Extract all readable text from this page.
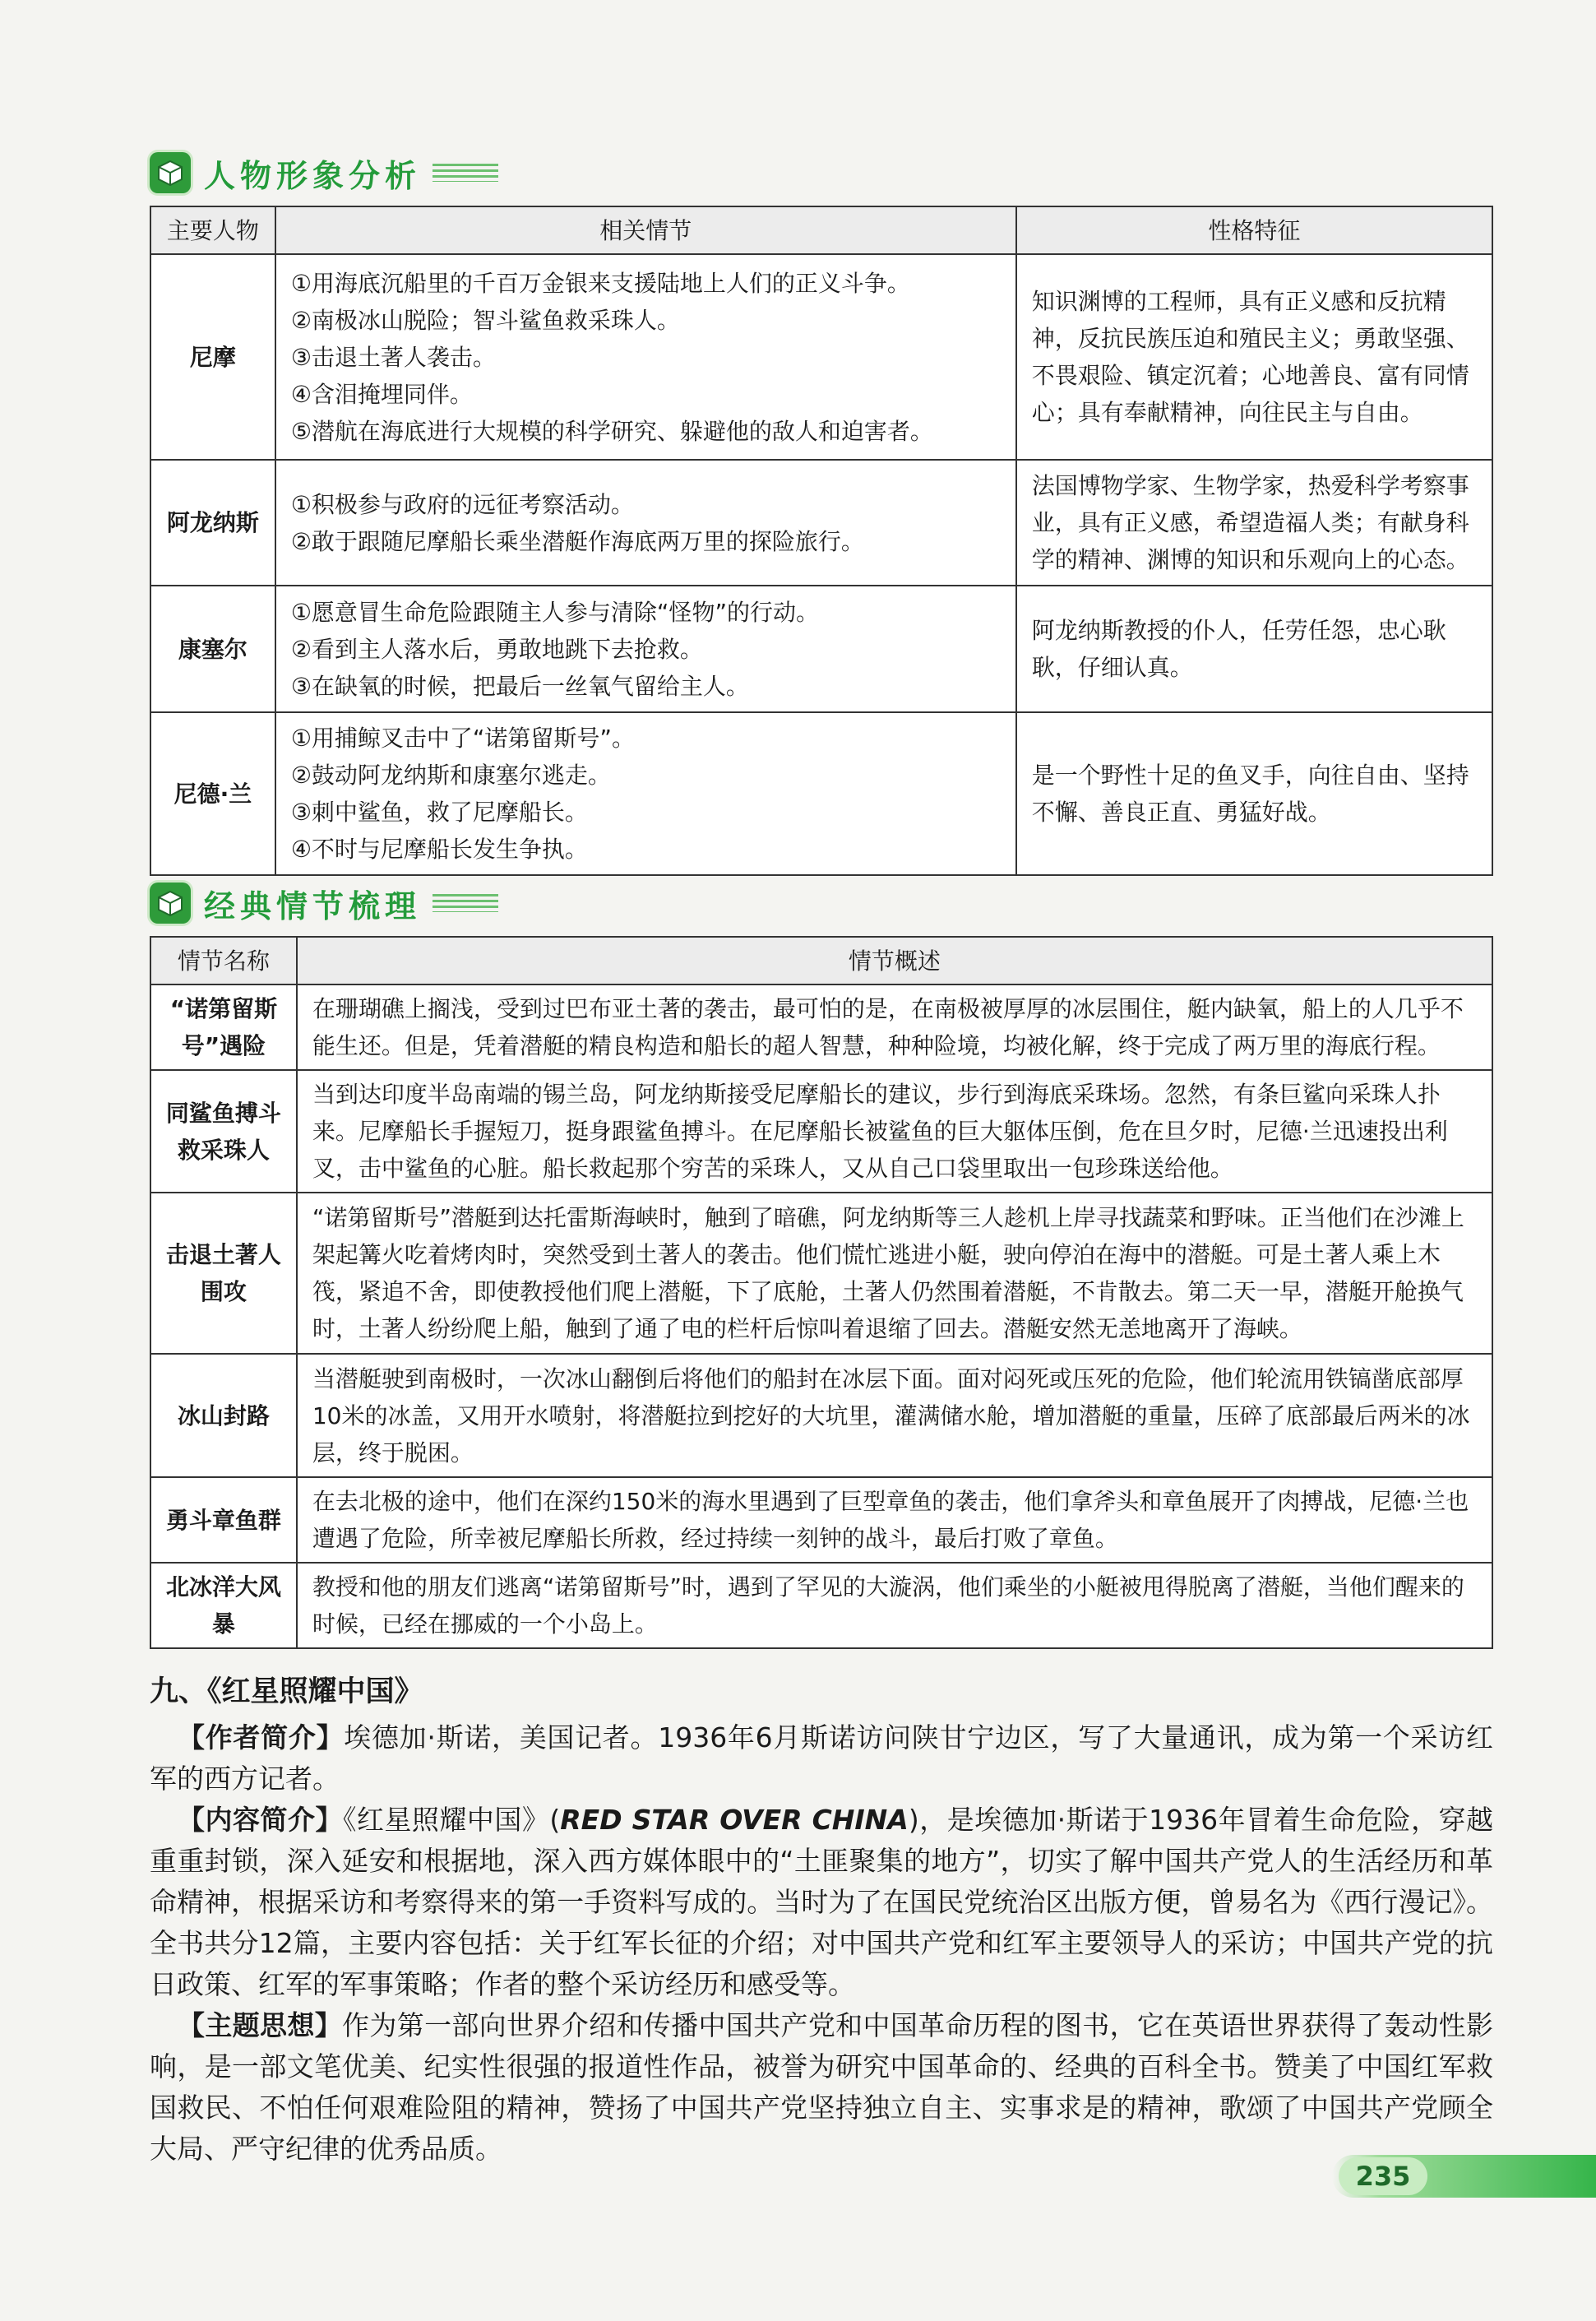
人物形象分析
主要人物	相关情节	性格特征
尼摩	①用海底沉船里的千百万金银来支援陆地上人们的正义斗争。
②南极冰山脱险；智斗鲨鱼救采珠人。
③击退土著人袭击。
④含泪掩埋同伴。
⑤潜航在海底进行大规模的科学研究、躲避他的敌人和迫害者。	知识渊博的工程师，具有正义感和反抗精神，反抗民族压迫和殖民主义；勇敢坚强、不畏艰险、镇定沉着；心地善良、富有同情心；具有奉献精神，向往民主与自由。
阿龙纳斯	①积极参与政府的远征考察活动。
②敢于跟随尼摩船长乘坐潜艇作海底两万里的探险旅行。	法国博物学家、生物学家，热爱科学考察事业，具有正义感，希望造福人类；有献身科学的精神、渊博的知识和乐观向上的心态。
康塞尔	①愿意冒生命危险跟随主人参与清除“怪物”的行动。
②看到主人落水后，勇敢地跳下去抢救。
③在缺氧的时候，把最后一丝氧气留给主人。	阿龙纳斯教授的仆人，任劳任怨，忠心耿耿，仔细认真。
尼德·兰	①用捕鲸叉击中了“诺第留斯号”。
②鼓动阿龙纳斯和康塞尔逃走。
③刺中鲨鱼，救了尼摩船长。
④不时与尼摩船长发生争执。	是一个野性十足的鱼叉手，向往自由、坚持不懈、善良正直、勇猛好战。
经典情节梳理
情节名称	情节概述
“诺第留斯号”遇险	在珊瑚礁上搁浅，受到过巴布亚土著的袭击，最可怕的是，在南极被厚厚的冰层围住，艇内缺氧，船上的人几乎不能生还。但是，凭着潜艇的精良构造和船长的超人智慧，种种险境，均被化解，终于完成了两万里的海底行程。
同鲨鱼搏斗救采珠人	当到达印度半岛南端的锡兰岛，阿龙纳斯接受尼摩船长的建议，步行到海底采珠场。忽然，有条巨鲨向采珠人扑来。尼摩船长手握短刀，挺身跟鲨鱼搏斗。在尼摩船长被鲨鱼的巨大躯体压倒，危在旦夕时，尼德·兰迅速投出利叉，击中鲨鱼的心脏。船长救起那个穷苦的采珠人，又从自己口袋里取出一包珍珠送给他。
击退土著人围攻	“诺第留斯号”潜艇到达托雷斯海峡时，触到了暗礁，阿龙纳斯等三人趁机上岸寻找蔬菜和野味。正当他们在沙滩上架起篝火吃着烤肉时，突然受到土著人的袭击。他们慌忙逃进小艇，驶向停泊在海中的潜艇。可是土著人乘上木筏，紧追不舍，即使教授他们爬上潜艇，下了底舱，土著人仍然围着潜艇，不肯散去。第二天一早，潜艇开舱换气时，土著人纷纷爬上船，触到了通了电的栏杆后惊叫着退缩了回去。潜艇安然无恙地离开了海峡。
冰山封路	当潜艇驶到南极时，一次冰山翻倒后将他们的船封在冰层下面。面对闷死或压死的危险，他们轮流用铁镐凿底部厚10米的冰盖，又用开水喷射，将潜艇拉到挖好的大坑里，灌满储水舱，增加潜艇的重量，压碎了底部最后两米的冰层，终于脱困。
勇斗章鱼群	在去北极的途中，他们在深约150米的海水里遇到了巨型章鱼的袭击，他们拿斧头和章鱼展开了肉搏战，尼德·兰也遭遇了危险，所幸被尼摩船长所救，经过持续一刻钟的战斗，最后打败了章鱼。
北冰洋大风暴	教授和他的朋友们逃离“诺第留斯号”时，遇到了罕见的大漩涡，他们乘坐的小艇被甩得脱离了潜艇，当他们醒来的时候，已经在挪威的一个小岛上。
九、《红星照耀中国》

【作者简介】埃德加·斯诺，美国记者。1936年6月斯诺访问陕甘宁边区，写了大量通讯，成为第一个采访红军的西方记者。

【内容简介】《红星照耀中国》(RED STAR OVER CHINA)，是埃德加·斯诺于1936年冒着生命危险，穿越重重封锁，深入延安和根据地，深入西方媒体眼中的“土匪聚集的地方”，切实了解中国共产党人的生活经历和革命精神，根据采访和考察得来的第一手资料写成的。当时为了在国民党统治区出版方便，曾易名为《西行漫记》。全书共分12篇，主要内容包括：关于红军长征的介绍；对中国共产党和红军主要领导人的采访；中国共产党的抗日政策、红军的军事策略；作者的整个采访经历和感受等。

【主题思想】作为第一部向世界介绍和传播中国共产党和中国革命历程的图书，它在英语世界获得了轰动性影响，是一部文笔优美、纪实性很强的报道性作品，被誉为研究中国革命的、经典的百科全书。赞美了中国红军救国救民、不怕任何艰难险阻的精神，赞扬了中国共产党坚持独立自主、实事求是的精神，歌颂了中国共产党顾全大局、严守纪律的优秀品质。

235
